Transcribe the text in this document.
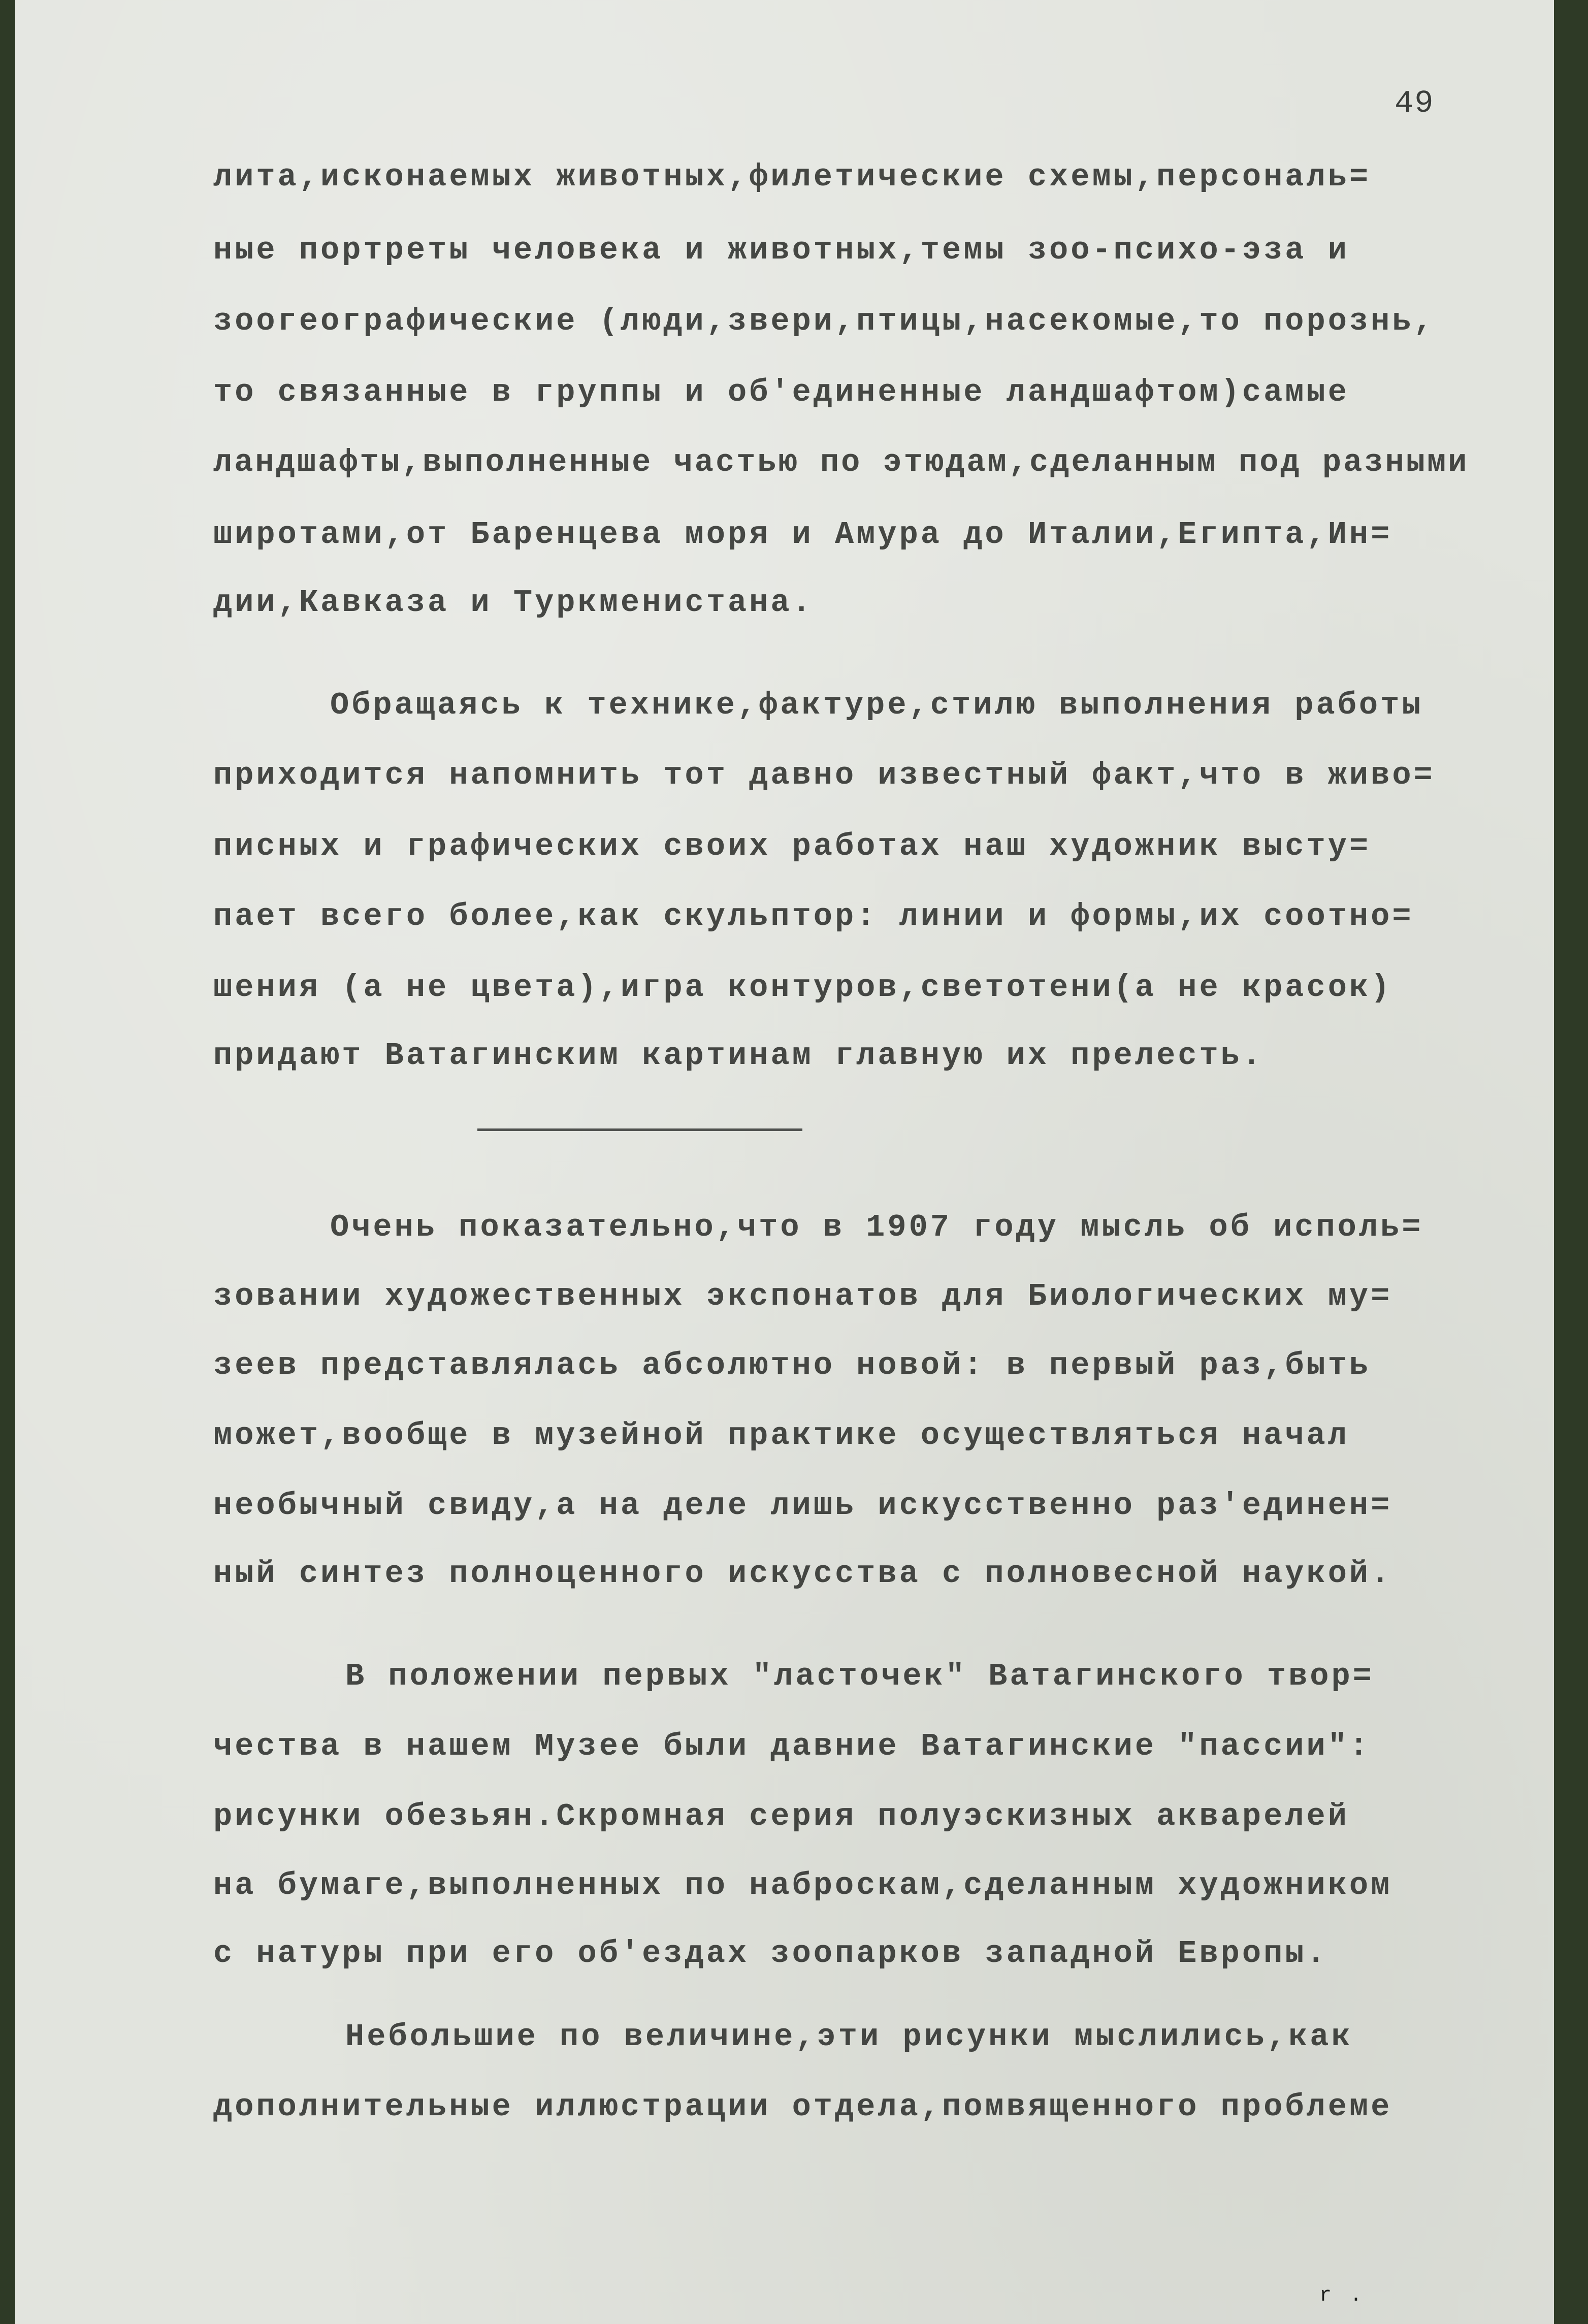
49
лита,исконаемых животных,филетические схемы,персональ=
ные портреты человека и животных,темы зоо-психо-эза и
зоогеографические (люди,звери,птицы,насекомые,то порознь,
то связанные в группы и об'единенные ландшафтом)самые
ландшафты,выполненные частью по этюдам,сделанным под разными
широтами,от Баренцева моря и Амура до Италии,Египта,Ин=
дии,Кавказа и Туркменистана.
Обращаясь к технике,фактуре,стилю выполнения работы
приходится напомнить тот давно известный факт,что в живо=
писных и графических своих работах наш художник высту=
пает всего более,как скульптор: линии и формы,их соотно=
шения (а не цвета),игра контуров,светотени(а не красок)
придают Ватагинским картинам главную их прелесть.
Очень показательно,что в 1907 году мысль об исполь=
зовании художественных экспонатов для Биологических му=
зеев представлялась абсолютно новой: в первый раз,быть
может,вообще в музейной практике осуществляться начал
необычный свиду,а на деле лишь искусственно раз'единен=
ный синтез полноценного искусства с полновесной наукой.
В положении первых "ласточек" Ватагинского твор=
чества в нашем Музее были давние Ватагинские "пассии":
рисунки обезьян.Скромная серия полуэскизных акварелей
на бумаге,выполненных по наброскам,сделанным художником
с натуры при его об'ездах зоопарков западной Европы.
Небольшие по величине,эти рисунки мыслились,как
дополнительные иллюстрации отдела,помвященного проблеме
r .
